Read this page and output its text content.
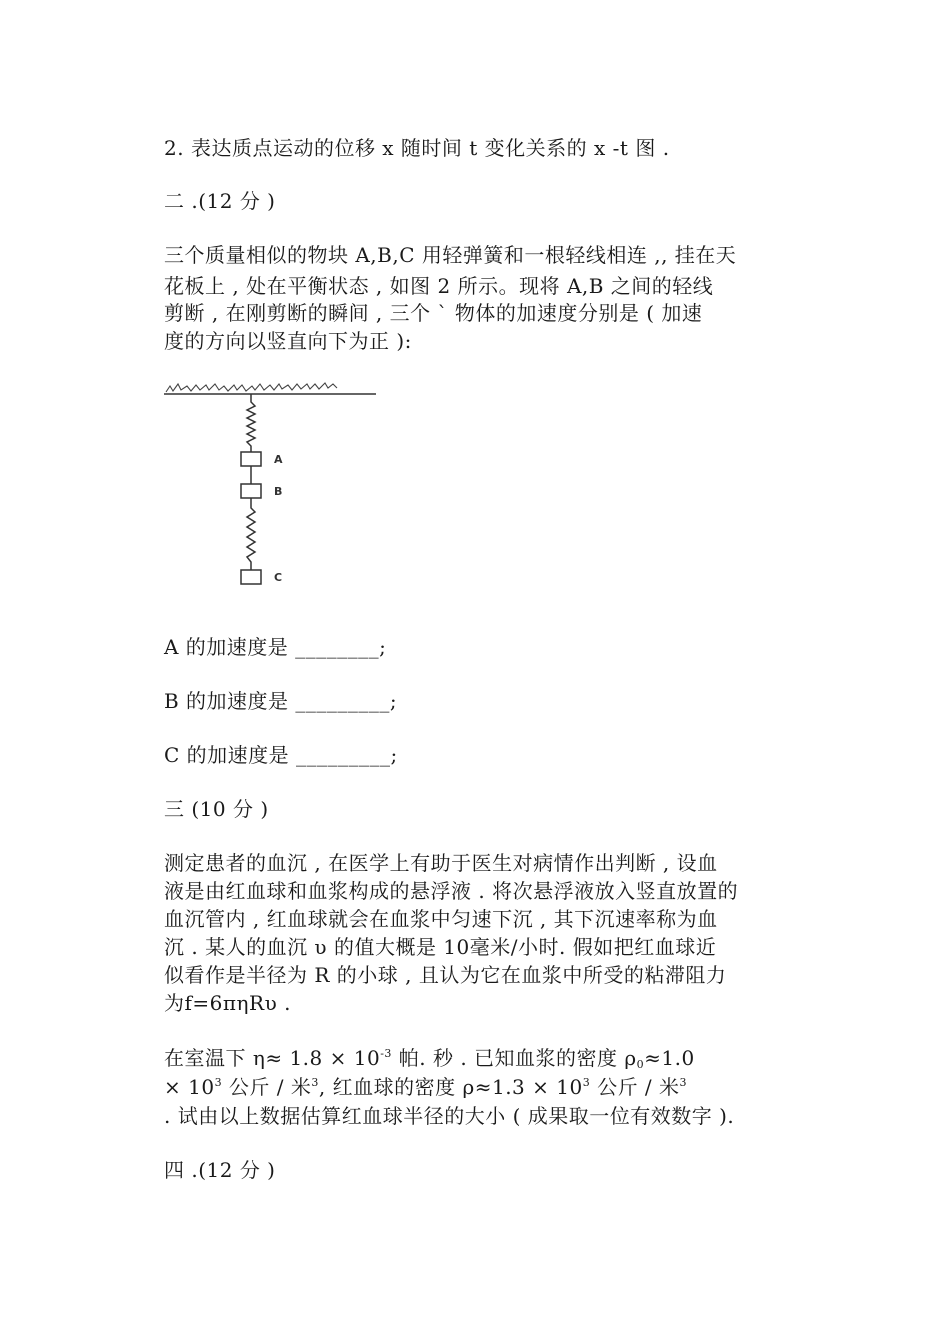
2. 表达质点运动的位移 x 随时间 t 变化关系的 x -t 图 .
二 .(12 分 )
三个质量相似的物块 A,B,C 用轻弹簧和一根轻线相连 ,, 挂在天
花板上 , 处在平衡状态 , 如图 2 所示。现将 A,B 之间的轻线
剪断 , 在刚剪断的瞬间 , 三个 ` 物体的加速度分别是 ( 加速
度的方向以竖直向下为正 ):
A
B
C
A 的加速度是 ________;
B 的加速度是 _________;
C 的加速度是 _________;
三 (10 分 )
测定患者的血沉 , 在医学上有助于医生对病情作出判断 , 设血
液是由红血球和血浆构成的悬浮液 . 将次悬浮液放入竖直放置的
血沉管内 , 红血球就会在血浆中匀速下沉 , 其下沉速率称为血
沉 . 某人的血沉 υ 的值大概是 10毫米/小时. 假如把红血球近
似看作是半径为 R 的小球 , 且认为它在血浆中所受的粘滞阻力
为f=6πηRυ .
在室温下 $\eta\approx 1.8 \times 10^{-3}$ 帕. 秒 . 已知血浆的密度 $\rho_0\approx 1.0$
× $10^3$ 公斤 / 米$^3$, 红血球的密度 $\rho\approx 1.3 \times 10^3$ 公斤 / 米$^3$
. 试由以上数据估算红血球半径的大小 ( 成果取一位有效数字 ).
四 .(12 分 )
